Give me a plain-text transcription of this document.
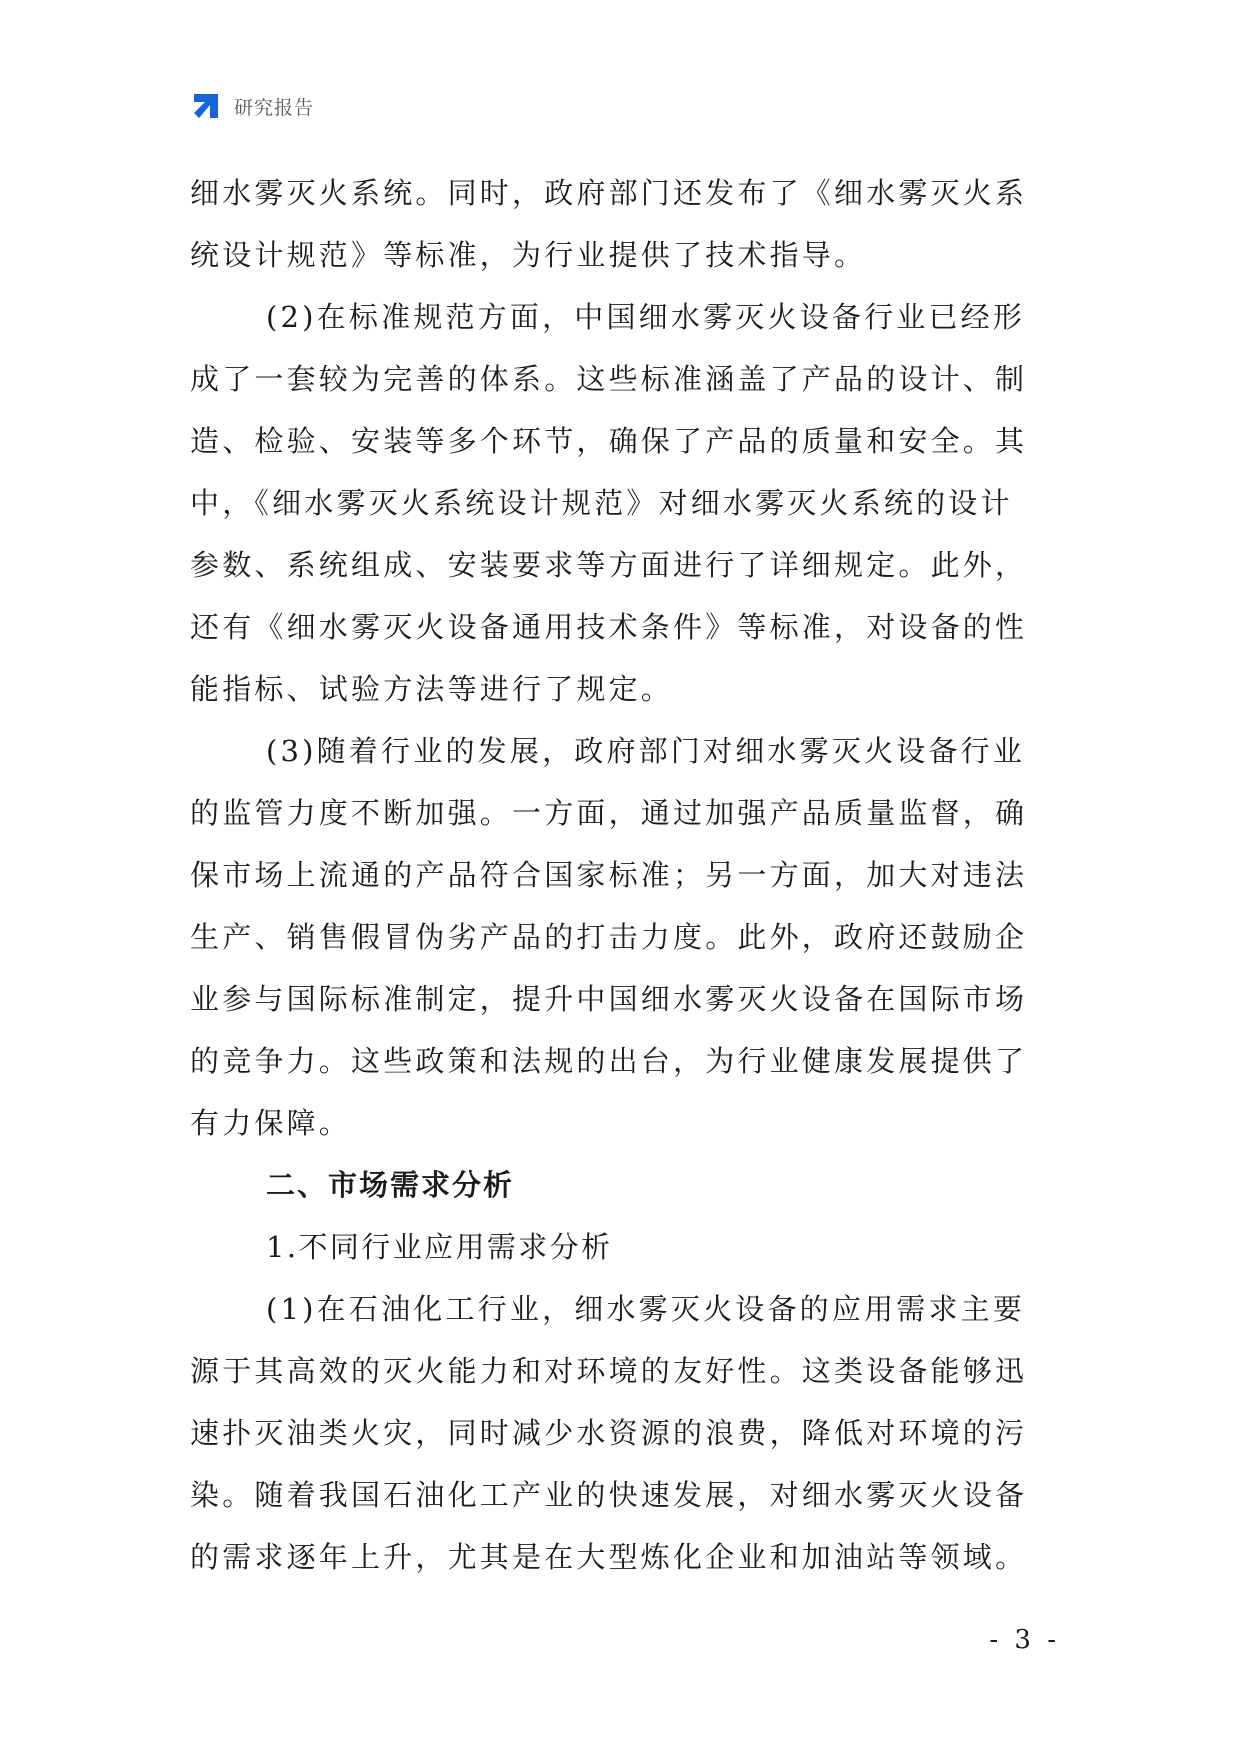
研究报告
细水雾灭火系统。同时，政府部门还发布了《细水雾灭火系
统设计规范》等标准，为行业提供了技术指导。
(2)在标准规范方面，中国细水雾灭火设备行业已经形
成了一套较为完善的体系。这些标准涵盖了产品的设计、制
造、检验、安装等多个环节，确保了产品的质量和安全。其
中，《细水雾灭火系统设计规范》对细水雾灭火系统的设计
参数、系统组成、安装要求等方面进行了详细规定。此外，
还有《细水雾灭火设备通用技术条件》等标准，对设备的性
能指标、试验方法等进行了规定。
(3)随着行业的发展，政府部门对细水雾灭火设备行业
的监管力度不断加强。一方面，通过加强产品质量监督，确
保市场上流通的产品符合国家标准；另一方面，加大对违法
生产、销售假冒伪劣产品的打击力度。此外，政府还鼓励企
业参与国际标准制定，提升中国细水雾灭火设备在国际市场
的竞争力。这些政策和法规的出台，为行业健康发展提供了
有力保障。
二、市场需求分析
1.不同行业应用需求分析
(1)在石油化工行业，细水雾灭火设备的应用需求主要
源于其高效的灭火能力和对环境的友好性。这类设备能够迅
速扑灭油类火灾，同时减少水资源的浪费，降低对环境的污
染。随着我国石油化工产业的快速发展，对细水雾灭火设备
的需求逐年上升，尤其是在大型炼化企业和加油站等领域。
- 3 -
